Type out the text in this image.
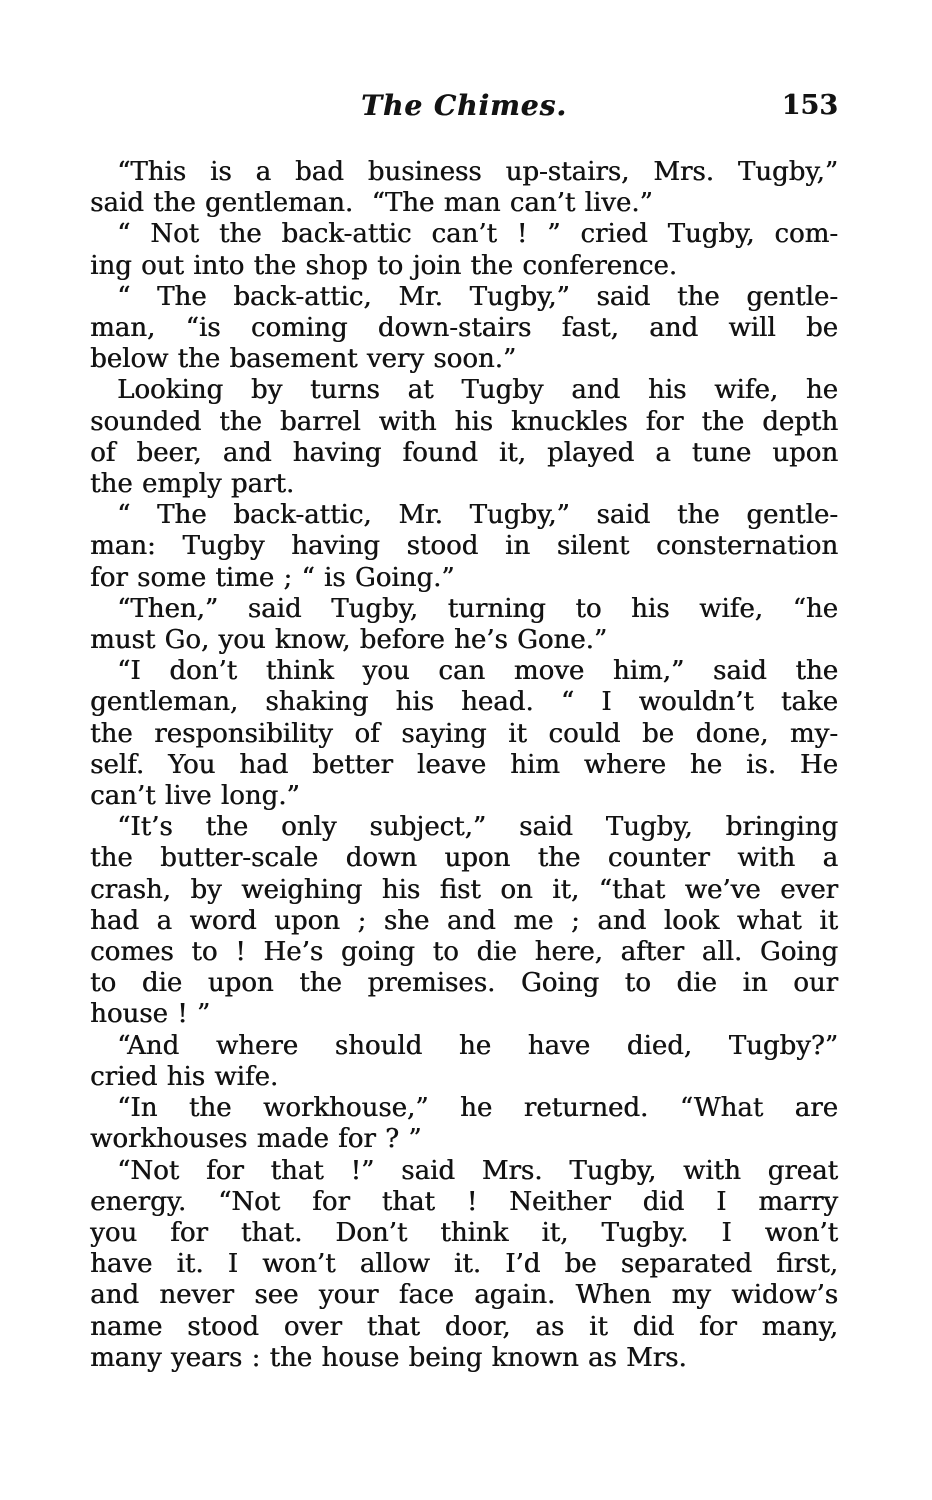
The Chimes.	153
“This is a bad business up-stairs, Mrs. Tugby,”
said the gentleman.  “The man can’t live.”
“ Not the back-attic can’t ! ” cried Tugby, com-
ing out into the shop to join the conference.
“ The back-attic, Mr. Tugby,” said the gentle-
man, “is coming down-stairs fast, and will be
below the basement very soon.”
Looking by turns at Tugby and his wife, he
sounded the barrel with his knuckles for the depth
of beer, and having found it, played a tune upon
the emply part.
“ The back-attic, Mr. Tugby,” said the gentle-
man: Tugby having stood in silent consternation
for some time ; “ is Going.”
“Then,” said Tugby, turning to his wife, “he
must Go, you know, before he’s Gone.”
“I don’t think you can move him,” said the
gentleman, shaking his head. “ I wouldn’t take
the responsibility of saying it could be done, my-
self. You had better leave him where he is. He
can’t live long.”
“It’s the only subject,” said Tugby, bringing
the butter-scale down upon the counter with a
crash, by weighing his fist on it, “that we’ve ever
had a word upon ; she and me ; and look what it
comes to ! He’s going to die here, after all. Going
to die upon the premises. Going to die in our
house ! ”
“And where should he have died, Tugby?”
cried his wife.
“In the workhouse,” he returned. “What are
workhouses made for ? ”
“Not for that !” said Mrs. Tugby, with great
energy. “Not for that ! Neither did I marry
you for that. Don’t think it, Tugby. I won’t
have it. I won’t allow it. I’d be separated first,
and never see your face again. When my widow’s
name stood over that door, as it did for many,
many years : the house being known as Mrs.
